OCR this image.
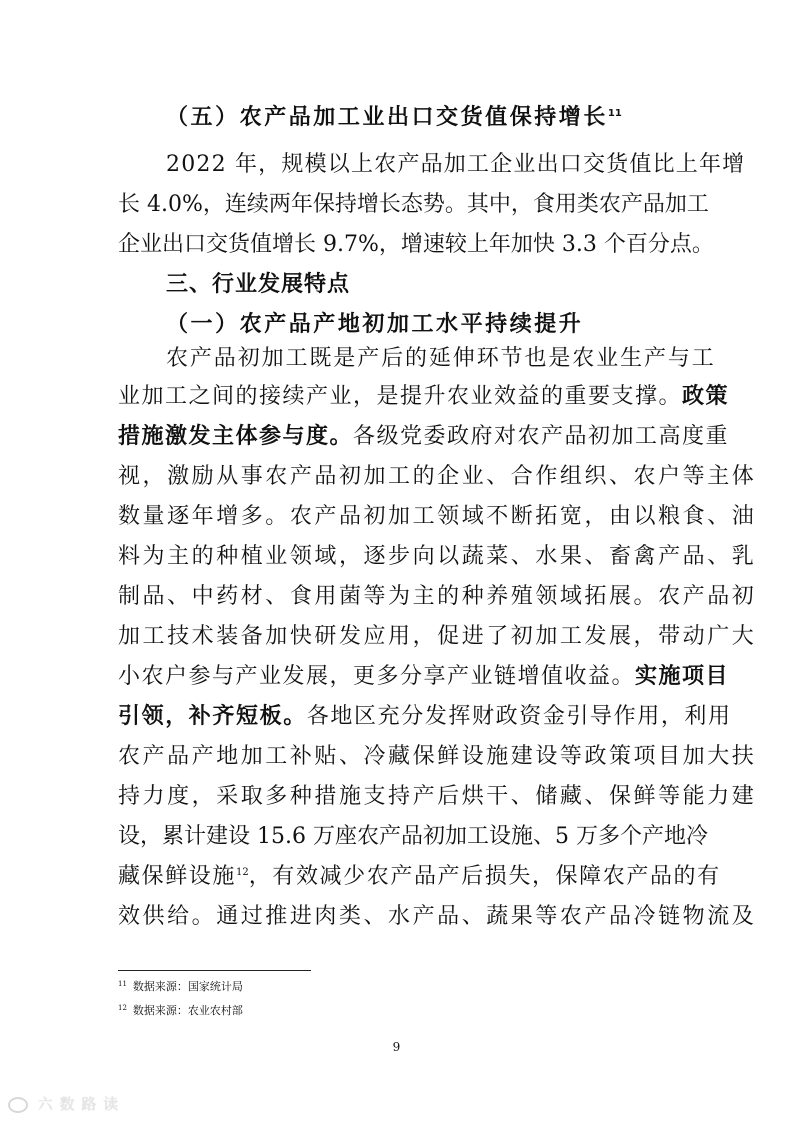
（五）农产品加工业出口交货值保持增长$^{11}$
2022 年，规模以上农产品加工企业出口交货值比上年增
长 4.0%，连续两年保持增长态势。其中，食用类农产品加工
企业出口交货值增长 9.7%，增速较上年加快 3.3 个百分点。
三、行业发展特点
（一）农产品产地初加工水平持续提升
农产品初加工既是产后的延伸环节也是农业生产与工
业加工之间的接续产业，是提升农业效益的重要支撑。政策
措施激发主体参与度。各级党委政府对农产品初加工高度重
视，激励从事农产品初加工的企业、合作组织、农户等主体
数量逐年增多。农产品初加工领域不断拓宽，由以粮食、油
料为主的种植业领域，逐步向以蔬菜、水果、畜禽产品、乳
制品、中药材、食用菌等为主的种养殖领域拓展。农产品初
加工技术装备加快研发应用，促进了初加工发展，带动广大
小农户参与产业发展，更多分享产业链增值收益。实施项目
引领，补齐短板。各地区充分发挥财政资金引导作用，利用
农产品产地加工补贴、冷藏保鲜设施建设等政策项目加大扶
持力度，采取多种措施支持产后烘干、储藏、保鲜等能力建
设，累计建设 15.6 万座农产品初加工设施、5 万多个产地冷
藏保鲜设施$^{12}$，有效减少农产品产后损失，保障农产品的有
效供给。通过推进肉类、水产品、蔬果等农产品冷链物流及
$^{11}$ 数据来源：国家统计局
$^{12}$ 数据来源：农业农村部
9
六 数 路 读
